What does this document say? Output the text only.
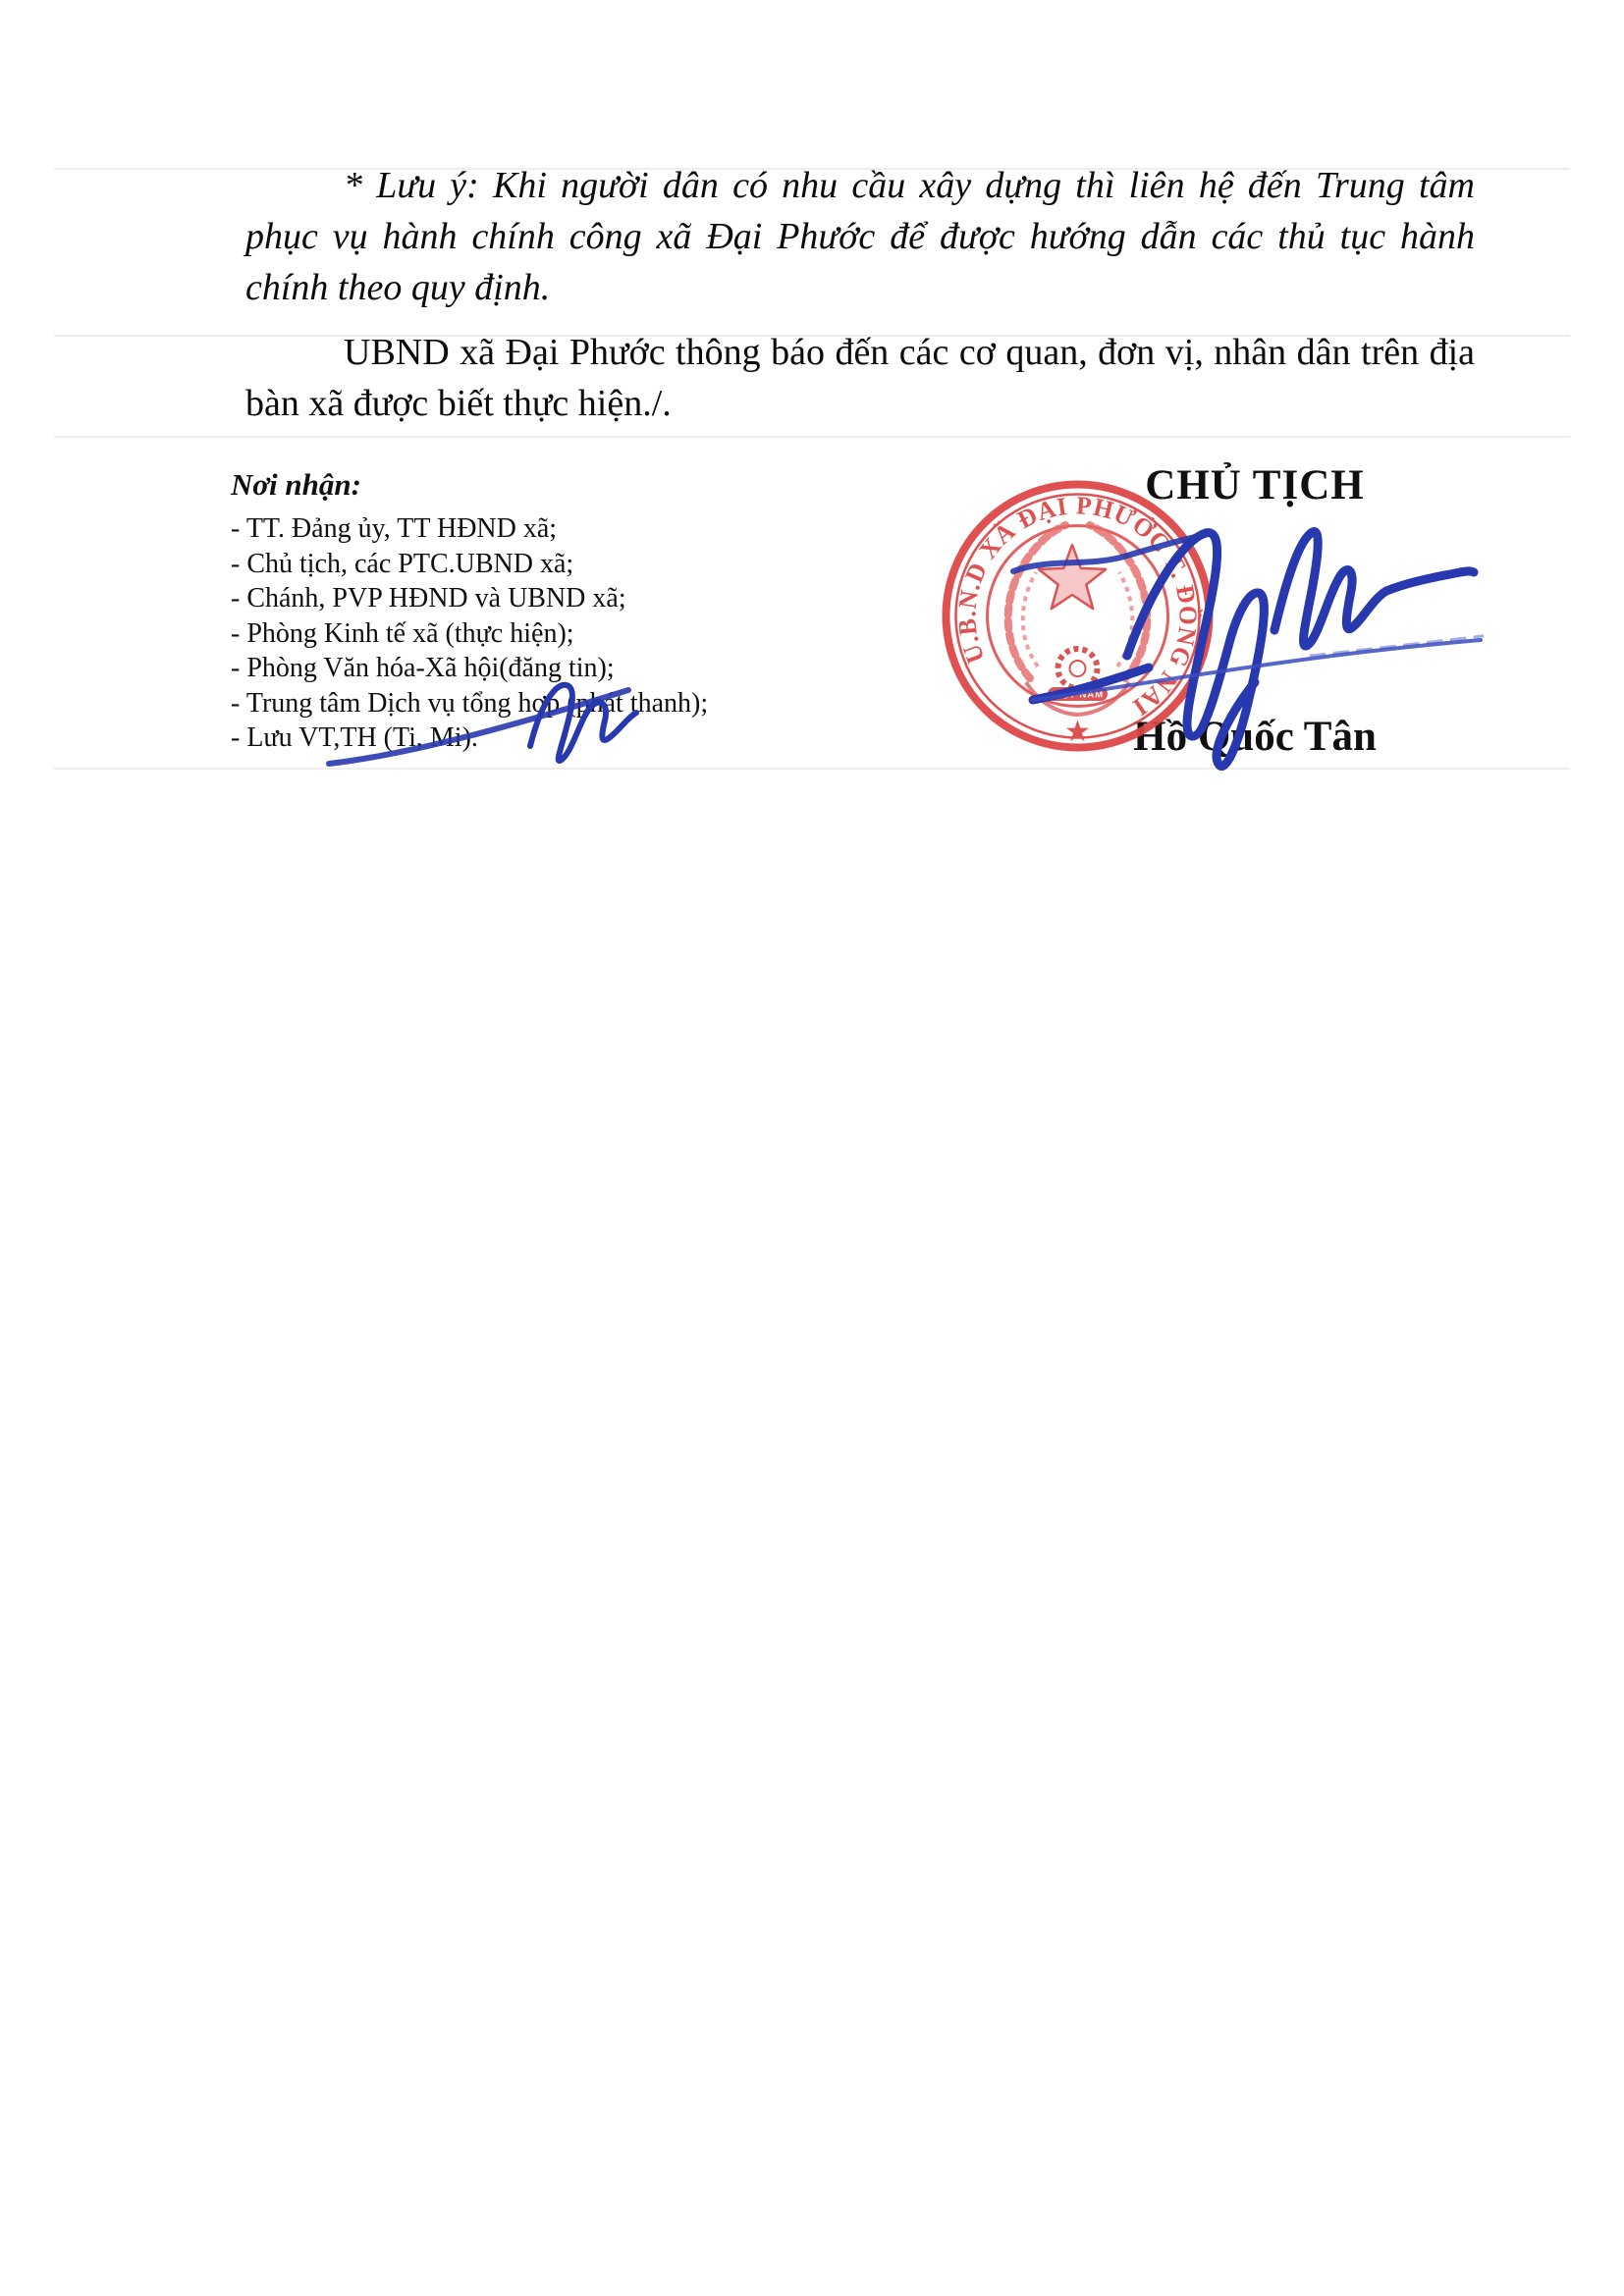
* Lưu ý: Khi người dân có nhu cầu xây dựng thì liên hệ đến Trung tâm phục vụ hành chính công xã Đại Phước để được hướng dẫn các thủ tục hành chính theo quy định.
UBND xã Đại Phước thông báo đến các cơ quan, đơn vị, nhân dân trên địa bàn xã được biết thực hiện./.
Nơi nhận:
- TT. Đảng ủy, TT HĐND xã;
- Chủ tịch, các PTC.UBND xã;
- Chánh, PVP HĐND và UBND xã;
- Phòng Kinh tế xã (thực hiện);
- Phòng Văn hóa-Xã hội(đăng tin);
- Trung tâm Dịch vụ tổng hợp (phát thanh);
- Lưu VT,TH (Ti, Mi).
CHỦ TỊCH
Hồ Quốc Tân
U.B.N.D XÃ ĐẠI PHƯỚC T. ĐỒNG NAI
★
VIỆT NAM
